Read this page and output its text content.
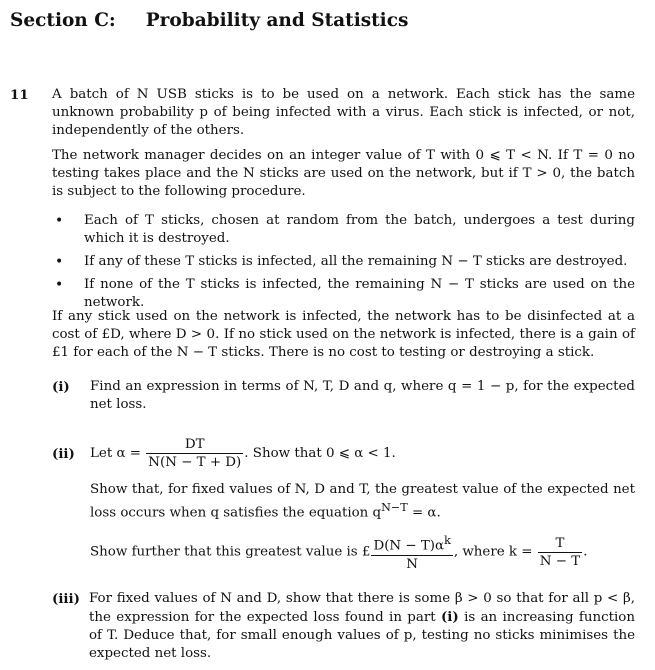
Section C: Probability and Statistics
11 A batch of N USB sticks is to be used on a network. Each stick has the same unknown probability p of being infected with a virus. Each stick is infected, or not, independently of the others.
The network manager decides on an integer value of T with 0 ⩽ T < N. If T = 0 no testing takes place and the N sticks are used on the network, but if T > 0, the batch is subject to the following procedure.
• Each of T sticks, chosen at random from the batch, undergoes a test during which it is destroyed.
• If any of these T sticks is infected, all the remaining N − T sticks are destroyed.
• If none of the T sticks is infected, the remaining N − T sticks are used on the network.
If any stick used on the network is infected, the network has to be disinfected at a cost of £D, where D > 0. If no stick used on the network is infected, there is a gain of £1 for each of the N − T sticks. There is no cost to testing or destroying a stick.
(i) Find an expression in terms of N, T, D and q, where q = 1 − p, for the expected net loss.
(ii) Let $\alpha = \frac{DT}{N(N - T + D)}$ . Show that 0 ⩽ α < 1.
Show that, for fixed values of N, D and T, the greatest value of the expected net loss occurs when q satisfies the equation $q^{N-T} = \alpha$.
Show further that this greatest value is £ $\frac{D(N - T)\alpha^k}{N}$ , where $k = \frac{T}{N - T}$ .
(iii) For fixed values of N and D, show that there is some β > 0 so that for all p < β, the expression for the expected loss found in part (i) is an increasing function of T. Deduce that, for small enough values of p, testing no sticks minimises the expected net loss.
